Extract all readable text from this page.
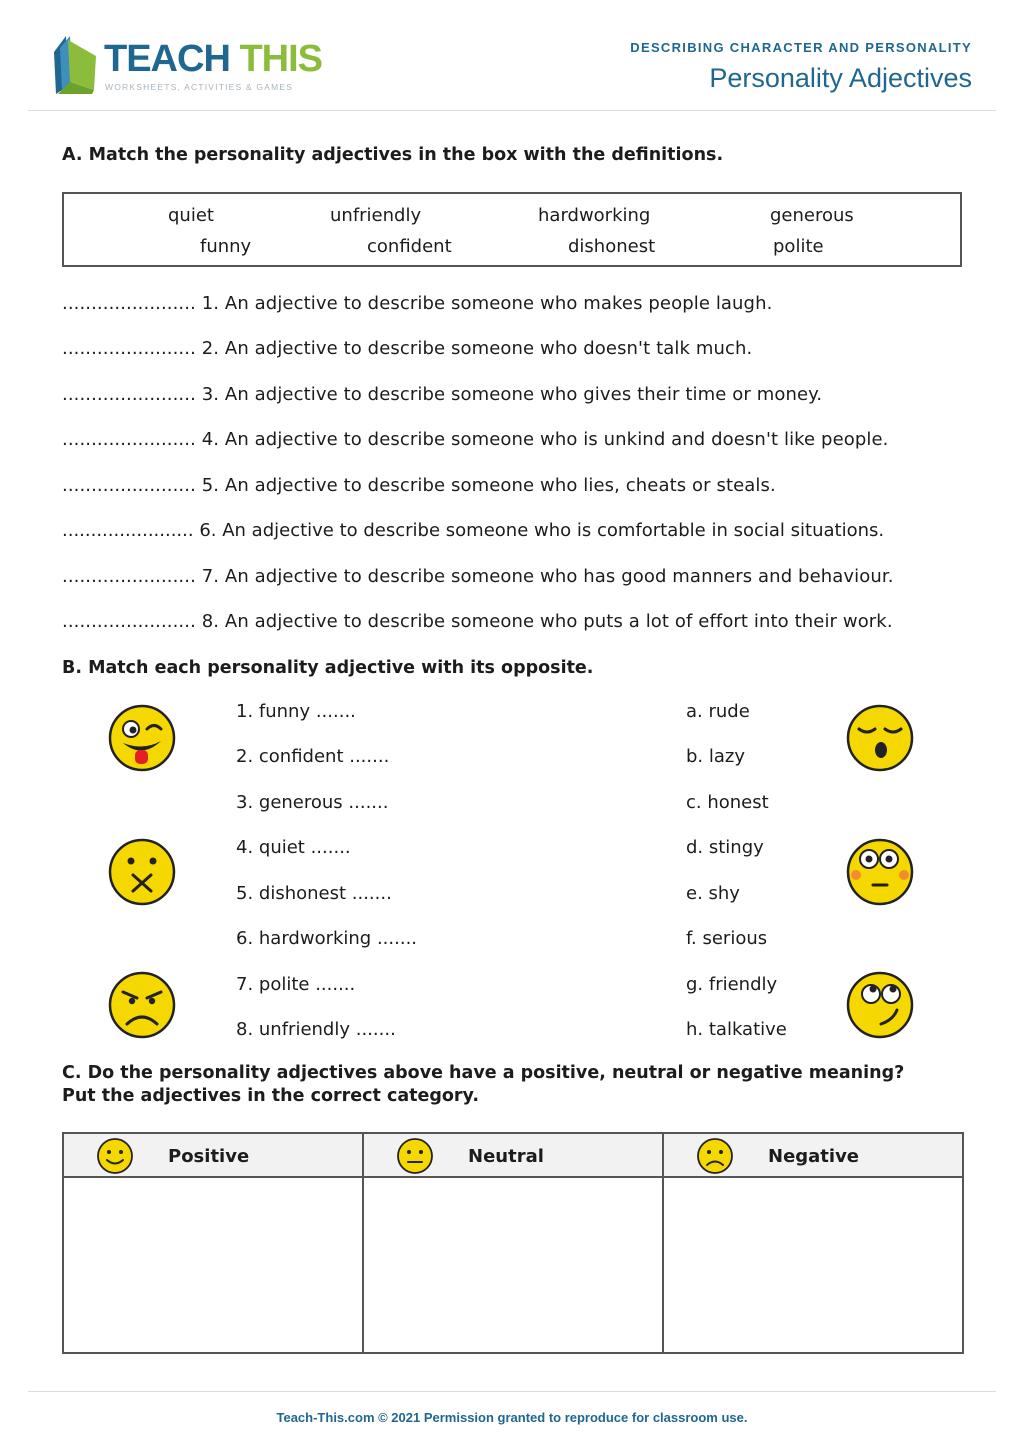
TEACH THIS
WORKSHEETS, ACTIVITIES & GAMES
DESCRIBING CHARACTER AND PERSONALITY
Personality Adjectives
A. Match the personality adjectives in the box with the definitions.
quiet	unfriendly	hardworking	generous
funny	confident	dishonest	polite
....................... 1. An adjective to describe someone who makes people laugh.
....................... 2. An adjective to describe someone who doesn't talk much.
....................... 3. An adjective to describe someone who gives their time or money.
....................... 4. An adjective to describe someone who is unkind and doesn't like people.
....................... 5. An adjective to describe someone who lies, cheats or steals.
....................... 6. An adjective to describe someone who is comfortable in social situations.
....................... 7. An adjective to describe someone who has good manners and behaviour.
....................... 8. An adjective to describe someone who puts a lot of effort into their work.
B. Match each personality adjective with its opposite.
1. funny .......
2. confident .......
3. generous .......
4. quiet .......
5. dishonest .......
6. hardworking .......
7. polite .......
8. unfriendly .......
a. rude
b. lazy
c. honest
d. stingy
e. shy
f. serious
g. friendly
h. talkative
C. Do the personality adjectives above have a positive, neutral or negative meaning?
Put the adjectives in the correct category.
Positive	Neutral	Negative

Teach-This.com © 2021 Permission granted to reproduce for classroom use.
